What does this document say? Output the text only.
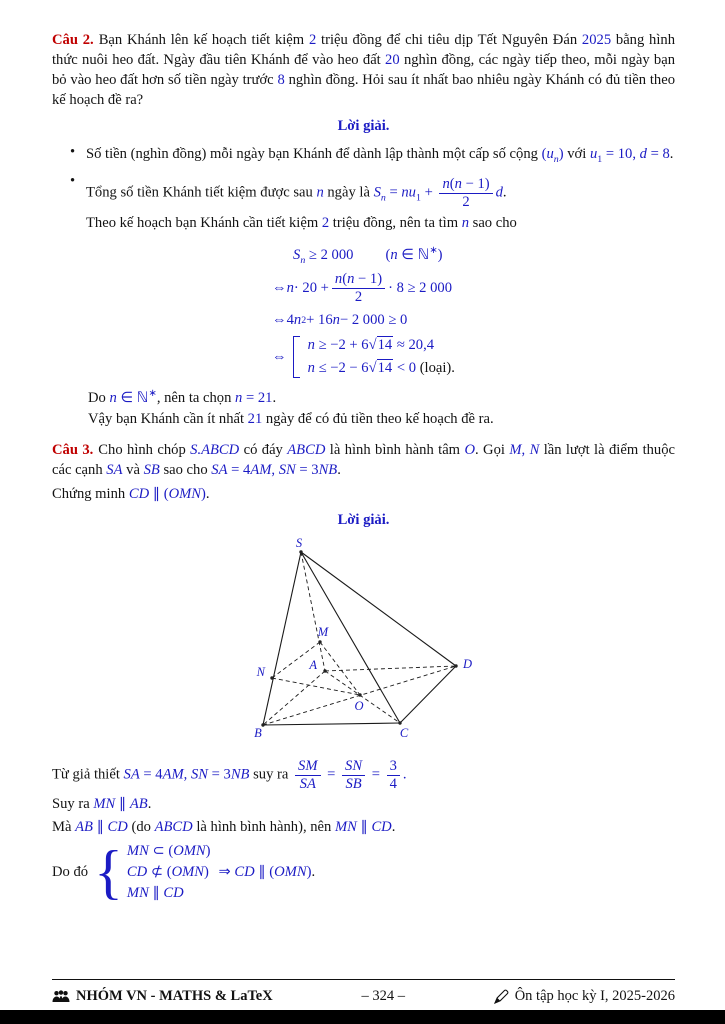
Câu 2. Bạn Khánh lên kế hoạch tiết kiệm 2 triệu đồng để chi tiêu dịp Tết Nguyên Đán 2025 bằng hình thức nuôi heo đất. Ngày đầu tiên Khánh để vào heo đất 20 nghìn đồng, các ngày tiếp theo, mỗi ngày bạn bỏ vào heo đất hơn số tiền ngày trước 8 nghìn đồng. Hỏi sau ít nhất bao nhiêu ngày Khánh có đủ tiền theo kế hoạch đề ra?

Lời giải.
• Số tiền (nghìn đồng) mỗi ngày bạn Khánh để dành lập thành một cấp số cộng $(u_n)$ với $u_1 = 10$, d = 8.
•
Tổng số tiền Khánh tiết kiệm được sau n ngày là $S_n = nu_1 + \frac{n(n - 1)}{2} d$.
Theo kế hoạch bạn Khánh cần tiết kiệm 2 triệu đồng, nên ta tìm n sao cho
$S_n \ge 2$ 000 (n ∈ ℕ∗)
⇔ $n \cdot 20 + \frac{n(n - 1)}{2} \cdot 8 \ge 2$ 000
⇔ 4 n 2 + 16 n − 2 000 ≥ 0
⇔
n ≥ −2 + 6√14 ≈ 20,4
n ≤ −2 − 6√14 < 0 (loại).
Do n ∈ ℕ∗, nên ta chọn n = 21.
Vậy bạn Khánh cần ít nhất 21 ngày để có đủ tiền theo kế hoạch đề ra.

Câu 3. Cho hình chóp S.ABCD có đáy ABCD là hình bình hành tâm O. Gọi M, N lần lượt là điểm thuộc các cạnh SA và SB sao cho SA = 4AM, SN = 3NB.

Chứng minh CD ∥ (OMN).
Lời giải.
S
M
A
N
O
B	C
D
Từ giả thiết SA = 4AM, SN = 3NB suy ra $\frac{SM}{SA} = \frac{SN}{SB} = \frac{3}{4}$ .
Suy ra MN ∥ AB.
Mà AB ∥ CD (do ABCD là hình bình hành), nên MN ∥ CD.
Do đó { MN ⊂ (OMN)
CD ⊄ (OMN)
MN ∥ CD
⇒ CD ∥ (OMN).
NHÓM VN - MATHS & LaTeX	– 324 –	Ôn tập học kỳ I, 2025-2026
